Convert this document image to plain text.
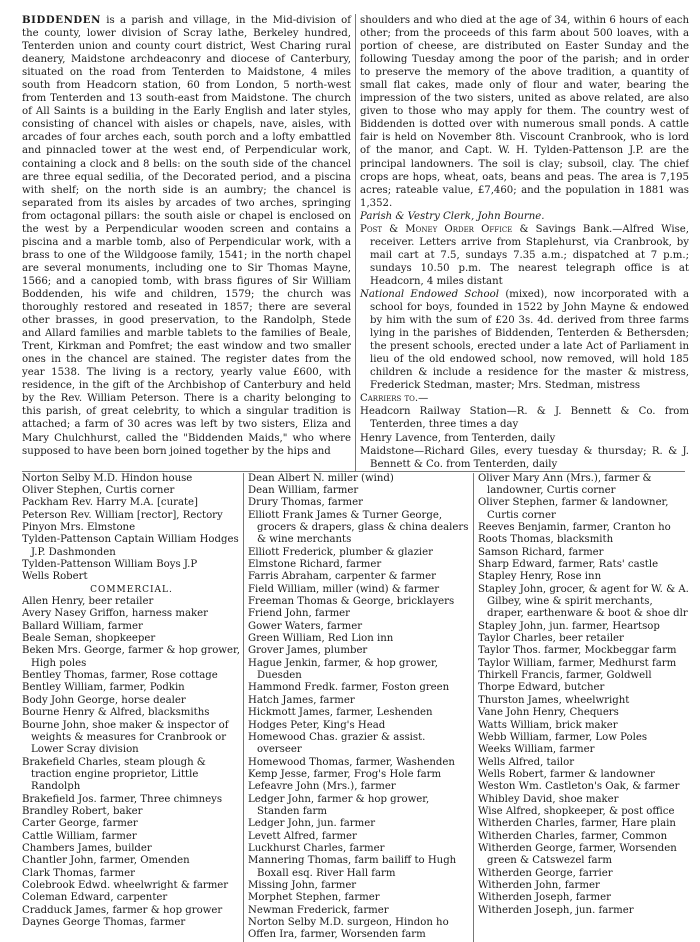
BIDDENDEN is a parish and village, in the Mid-division of the county, lower division of Scray lathe, Berkeley hundred, Tenterden union and county court district, West Charing rural deanery, Maidstone archdeaconry and diocese of Canterbury, situated on the road from Tenterden to Maidstone, 4 miles south from Headcorn station, 60 from London, 5 north-west from Tenterden and 13 south-east from Maidstone. The church of All Saints is a building in the Early English and later styles, consisting of chancel with aisles or chapels, nave, aisles, with arcades of four arches each, south porch and a lofty embattled and pinnacled tower at the west end, of Perpendicular work, containing a clock and 8 bells: on the south side of the chancel are three equal sedilia, of the Decorated period, and a piscina with shelf; on the north side is an aumbry; the chancel is separated from its aisles by arcades of two arches, springing from octagonal pillars: the south aisle or chapel is enclosed on the west by a Perpendicular wooden screen and contains a piscina and a marble tomb, also of Perpendicular work, with a brass to one of the Wildgoose family, 1541; in the north chapel are several monuments, including one to Sir Thomas Mayne, 1566; and a canopied tomb, with brass figures of Sir William Boddenden, his wife and children, 1579; the church was thoroughly restored and reseated in 1857; there are several other brasses, in good preservation, to the Randolph, Stede and Allard families and marble tablets to the families of Beale, Trent, Kirkman and Pomfret; the east window and two smaller ones in the chancel are stained. The register dates from the year 1538. The living is a rectory, yearly value £600, with residence, in the gift of the Archbishop of Canterbury and held by the Rev. William Peterson. There is a charity belonging to this parish, of great celebrity, to which a singular tradition is attached; a farm of 30 acres was left by two sisters, Eliza and Mary Chulchhurst, called the "Biddenden Maids," who where supposed to have been born joined together by the hips and

shoulders and who died at the age of 34, within 6 hours of each other; from the proceeds of this farm about 500 loaves, with a portion of cheese, are distributed on Easter Sunday and the following Tuesday among the poor of the parish; and in order to preserve the memory of the above tradition, a quantity of small flat cakes, made only of flour and water, bearing the impression of the two sisters, united as above related, are also given to those who may apply for them. The country west of Biddenden is dotted over with numerous small ponds. A cattle fair is held on November 8th. Viscount Cranbrook, who is lord of the manor, and Capt. W. H. Tylden-Pattenson J.P. are the principal landowners. The soil is clay; subsoil, clay. The chief crops are hops, wheat, oats, beans and peas. The area is 7,195 acres; rateable value, £7,460; and the population in 1881 was 1,352.

Parish & Vestry Clerk, John Bourne.

Post & Money Order Office & Savings Bank.—Alfred Wise, receiver. Letters arrive from Staplehurst, via Cranbrook, by mail cart at 7.5, sundays 7.35 a.m.; dispatched at 7 p.m.; sundays 10.50 p.m. The nearest telegraph office is at Headcorn, 4 miles distant

National Endowed School (mixed), now incorporated with a school for boys, founded in 1522 by John Mayne & endowed by him with the sum of £20 3s. 4d. derived from three farms lying in the parishes of Biddenden, Tenterden & Bethersden; the present schools, erected under a late Act of Parliament in lieu of the old endowed school, now removed, will hold 185 children & include a residence for the master & mistress, Frederick Stedman, master; Mrs. Stedman, mistress

Carriers to.—

Headcorn Railway Station—R. & J. Bennett & Co. from Tenterden, three times a day

Henry Lavence, from Tenterden, daily

Maidstone—Richard Giles, every tuesday & thursday; R. & J. Bennett & Co. from Tenterden, daily

Norton Selby M.D. Hindon house
Oliver Stephen, Curtis corner
Packham Rev. Harry M.A. [curate]
Peterson Rev. William [rector], Rectory
Pinyon Mrs. Elmstone
Tylden-Pattenson Captain William Hodges J.P. Dashmonden
Tylden-Pattenson William Boys J.P
Wells Robert
COMMERCIAL.
Allen Henry, beer retailer
Avery Nasey Griffon, harness maker
Ballard William, farmer
Beale Seman, shopkeeper
Beken Mrs. George, farmer & hop grower, High poles
Bentley Thomas, farmer, Rose cottage
Bentley William, farmer, Podkin
Body John George, horse dealer
Bourne Henry & Alfred, blacksmiths
Bourne John, shoe maker & inspector of weights & measures for Cranbrook or Lower Scray division
Brakefield Charles, steam plough & traction engine proprietor, Little Randolph
Brakefield Jos. farmer, Three chimneys
Brandley Robert, baker
Carter George, farmer
Cattle William, farmer
Chambers James, builder
Chantler John, farmer, Omenden
Clark Thomas, farmer
Colebrook Edwd. wheelwright & farmer
Coleman Edward, carpenter
Cradduck James, farmer & hop grower
Daynes George Thomas, farmer
Dean Albert N. miller (wind)
Dean William, farmer
Drury Thomas, farmer
Elliott Frank James & Turner George, grocers & drapers, glass & china dealers & wine merchants
Elliott Frederick, plumber & glazier
Elmstone Richard, farmer
Farris Abraham, carpenter & farmer
Field William, miller (wind) & farmer
Freeman Thomas & George, bricklayers
Friend John, farmer
Gower Waters, farmer
Green William, Red Lion inn
Grover James, plumber
Hague Jenkin, farmer, & hop grower, Duesden
Hammond Fredk. farmer, Foston green
Hatch James, farmer
Hickmott James, farmer, Leshenden
Hodges Peter, King's Head
Homewood Chas. grazier & assist. overseer
Homewood Thomas, farmer, Washenden
Kemp Jesse, farmer, Frog's Hole farm
Lefeavre John (Mrs.), farmer
Ledger John, farmer & hop grower, Standen farm
Ledger John, jun. farmer
Levett Alfred, farmer
Luckhurst Charles, farmer
Mannering Thomas, farm bailiff to Hugh Boxall esq. River Hall farm
Missing John, farmer
Morphet Stephen, farmer
Newman Frederick, farmer
Norton Selby M.D. surgeon, Hindon ho
Offen Ira, farmer, Worsenden farm
Oliver Mary Ann (Mrs.), farmer & landowner, Curtis corner
Oliver Stephen, farmer & landowner, Curtis corner
Reeves Benjamin, farmer, Cranton ho
Roots Thomas, blacksmith
Samson Richard, farmer
Sharp Edward, farmer, Rats' castle
Stapley Henry, Rose inn
Stapley John, grocer, & agent for W. & A. Gilbey, wine & spirit merchants, draper, earthenware & boot & shoe dlr
Stapley John, jun. farmer, Heartsop
Taylor Charles, beer retailer
Taylor Thos. farmer, Mockbeggar farm
Taylor William, farmer, Medhurst farm
Thirkell Francis, farmer, Goldwell
Thorpe Edward, butcher
Thurston James, wheelwright
Vane John Henry, Chequers
Watts William, brick maker
Webb William, farmer, Low Poles
Weeks William, farmer
Wells Alfred, tailor
Wells Robert, farmer & landowner
Weston Wm. Castleton's Oak, & farmer
Whibley David, shoe maker
Wise Alfred, shopkeeper, & post office
Witherden Charles, farmer, Hare plain
Witherden Charles, farmer, Common
Witherden George, farmer, Worsenden green & Catswezel farm
Witherden George, farrier
Witherden John, farmer
Witherden Joseph, farmer
Witherden Joseph, jun. farmer
